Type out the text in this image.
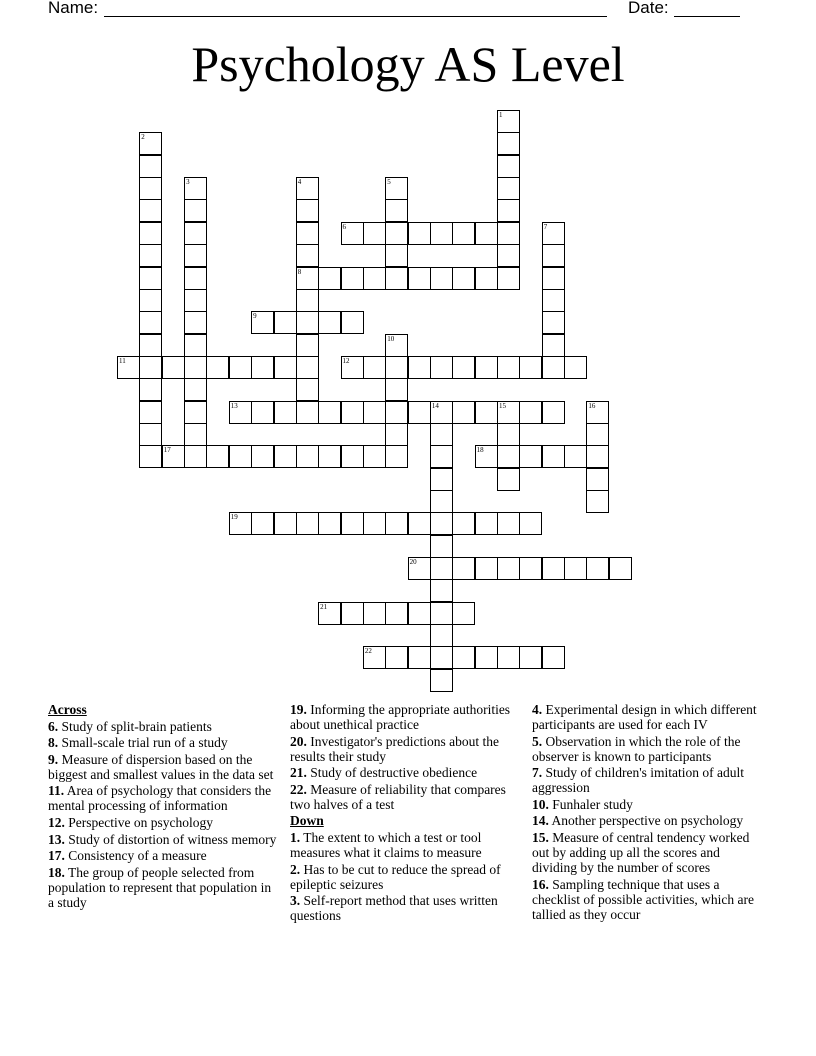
Name:	Date:
Psychology AS Level
1
2
3	4
8
5
6	7
9
10
11	12
13	14	15	16
17	18
19
20
21
22
Across

6. Study of split-brain patients

8. Small-scale trial run of a study

9. Measure of dispersion based on the biggest and smallest values in the data set

11. Area of psychology that considers the mental processing of information

12. Perspective on psychology

13. Study of distortion of witness memory

17. Consistency of a measure

18. The group of people selected from population to represent that population in a study

19. Informing the appropriate authorities about unethical practice

20. Investigator's predictions about the results their study

21. Study of destructive obedience

22. Measure of reliability that compares two halves of a test

Down

1. The extent to which a test or tool measures what it claims to measure

2. Has to be cut to reduce the spread of epileptic seizures

3. Self-report method that uses written questions

4. Experimental design in which different participants are used for each IV

5. Observation in which the role of the observer is known to participants

7. Study of children's imitation of adult aggression

10. Funhaler study

14. Another perspective on psychology

15. Measure of central tendency worked out by adding up all the scores and dividing by the number of scores

16. Sampling technique that uses a checklist of possible activities, which are tallied as they occur
